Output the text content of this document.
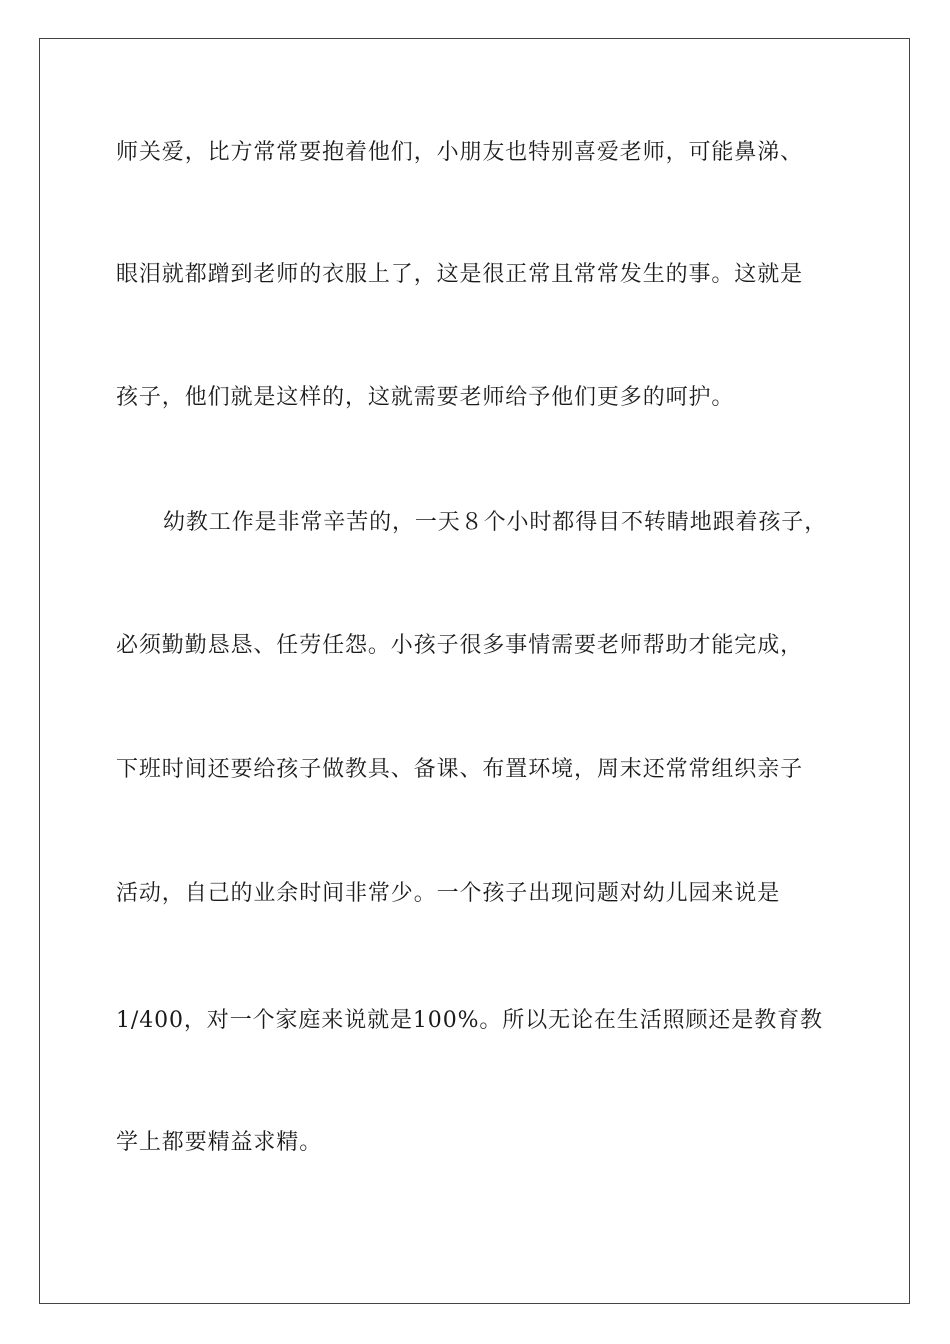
师关爱，比方常常要抱着他们，小朋友也特别喜爱老师，可能鼻涕、

眼泪就都蹭到老师的衣服上了，这是很正常且常常发生的事。这就是

孩子，他们就是这样的，这就需要老师给予他们更多的呵护。

幼教工作是非常辛苦的，一天８个小时都得目不转睛地跟着孩子，

必须勤勤恳恳、任劳任怨。小孩子很多事情需要老师帮助才能完成，

下班时间还要给孩子做教具、备课、布置环境，周末还常常组织亲子

活动，自己的业余时间非常少。一个孩子出现问题对幼儿园来说是

1/400，对一个家庭来说就是100%。所以无论在生活照顾还是教育教

学上都要精益求精。
